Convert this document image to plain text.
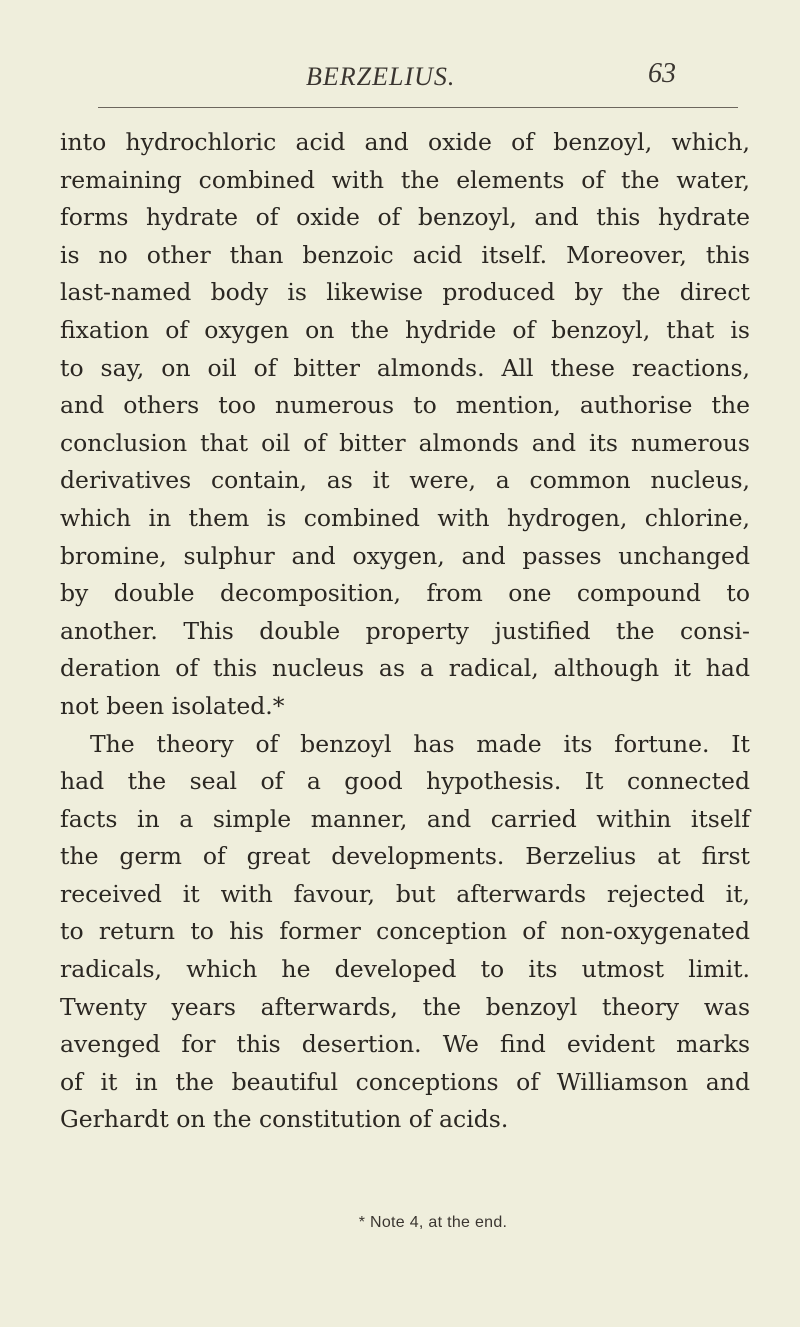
BERZELIUS.	63
into hydrochloric acid and oxide of benzoyl, which,
remaining combined with the elements of the water,
forms hydrate of oxide of benzoyl, and this hydrate
is no other than benzoic acid itself. Moreover, this
last-named body is likewise produced by the direct
fixation of oxygen on the hydride of benzoyl, that is
to say, on oil of bitter almonds. All these reactions,
and others too numerous to mention, authorise the
conclusion that oil of bitter almonds and its numerous
derivatives contain, as it were, a common nucleus,
which in them is combined with hydrogen, chlorine,
bromine, sulphur and oxygen, and passes unchanged
by double decomposition, from one compound to
another. This double property justified the consi-
deration of this nucleus as a radical, although it had
not been isolated.*
The theory of benzoyl has made its fortune. It
had the seal of a good hypothesis. It connected
facts in a simple manner, and carried within itself
the germ of great developments. Berzelius at first
received it with favour, but afterwards rejected it,
to return to his former conception of non-oxygenated
radicals, which he developed to its utmost limit.
Twenty years afterwards, the benzoyl theory was
avenged for this desertion. We find evident marks
of it in the beautiful conceptions of Williamson and
Gerhardt on the constitution of acids.
* Note 4, at the end.
